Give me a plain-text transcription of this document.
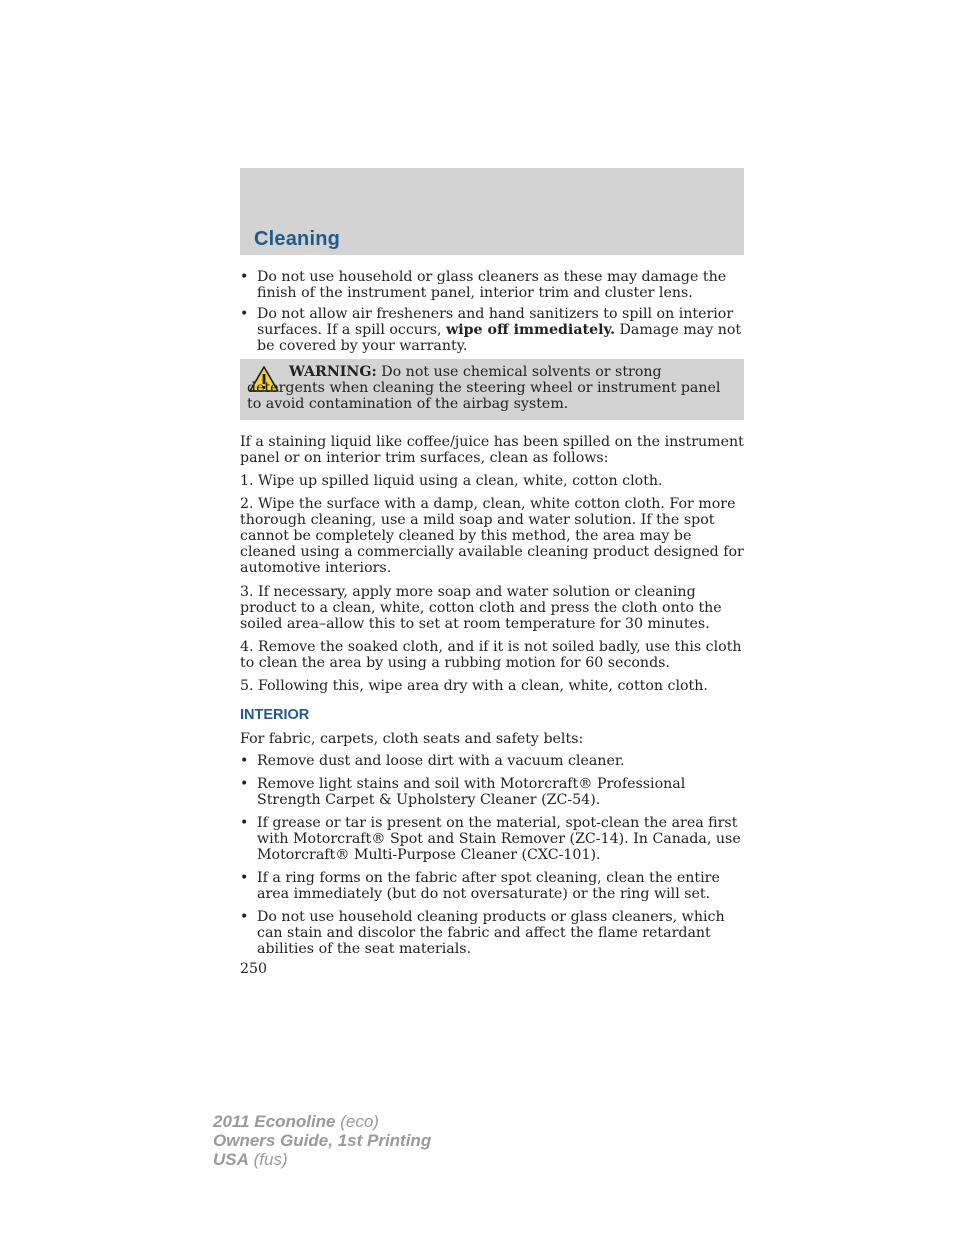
Cleaning
• Do not use household or glass cleaners as these may damage the finish of the instrument panel, interior trim and cluster lens.
• Do not allow air fresheners and hand sanitizers to spill on interior surfaces. If a spill occurs, wipe off immediately. Damage may not be covered by your warranty.
WARNING: Do not use chemical solvents or strong detergents when cleaning the steering wheel or instrument panel to avoid contamination of the airbag system.
If a staining liquid like coffee/juice has been spilled on the instrument panel or on interior trim surfaces, clean as follows:
1. Wipe up spilled liquid using a clean, white, cotton cloth.
2. Wipe the surface with a damp, clean, white cotton cloth. For more thorough cleaning, use a mild soap and water solution. If the spot cannot be completely cleaned by this method, the area may be cleaned using a commercially available cleaning product designed for automotive interiors.
3. If necessary, apply more soap and water solution or cleaning product to a clean, white, cotton cloth and press the cloth onto the soiled area–allow this to set at room temperature for 30 minutes.
4. Remove the soaked cloth, and if it is not soiled badly, use this cloth to clean the area by using a rubbing motion for 60 seconds.
5. Following this, wipe area dry with a clean, white, cotton cloth.
INTERIOR
For fabric, carpets, cloth seats and safety belts:
• Remove dust and loose dirt with a vacuum cleaner.
• Remove light stains and soil with Motorcraft® Professional Strength Carpet & Upholstery Cleaner (ZC-54).
• If grease or tar is present on the material, spot-clean the area first with Motorcraft® Spot and Stain Remover (ZC-14). In Canada, use Motorcraft® Multi-Purpose Cleaner (CXC-101).
• If a ring forms on the fabric after spot cleaning, clean the entire area immediately (but do not oversaturate) or the ring will set.
• Do not use household cleaning products or glass cleaners, which can stain and discolor the fabric and affect the flame retardant abilities of the seat materials.
250
2011 Econoline (eco)
Owners Guide, 1st Printing
USA (fus)
